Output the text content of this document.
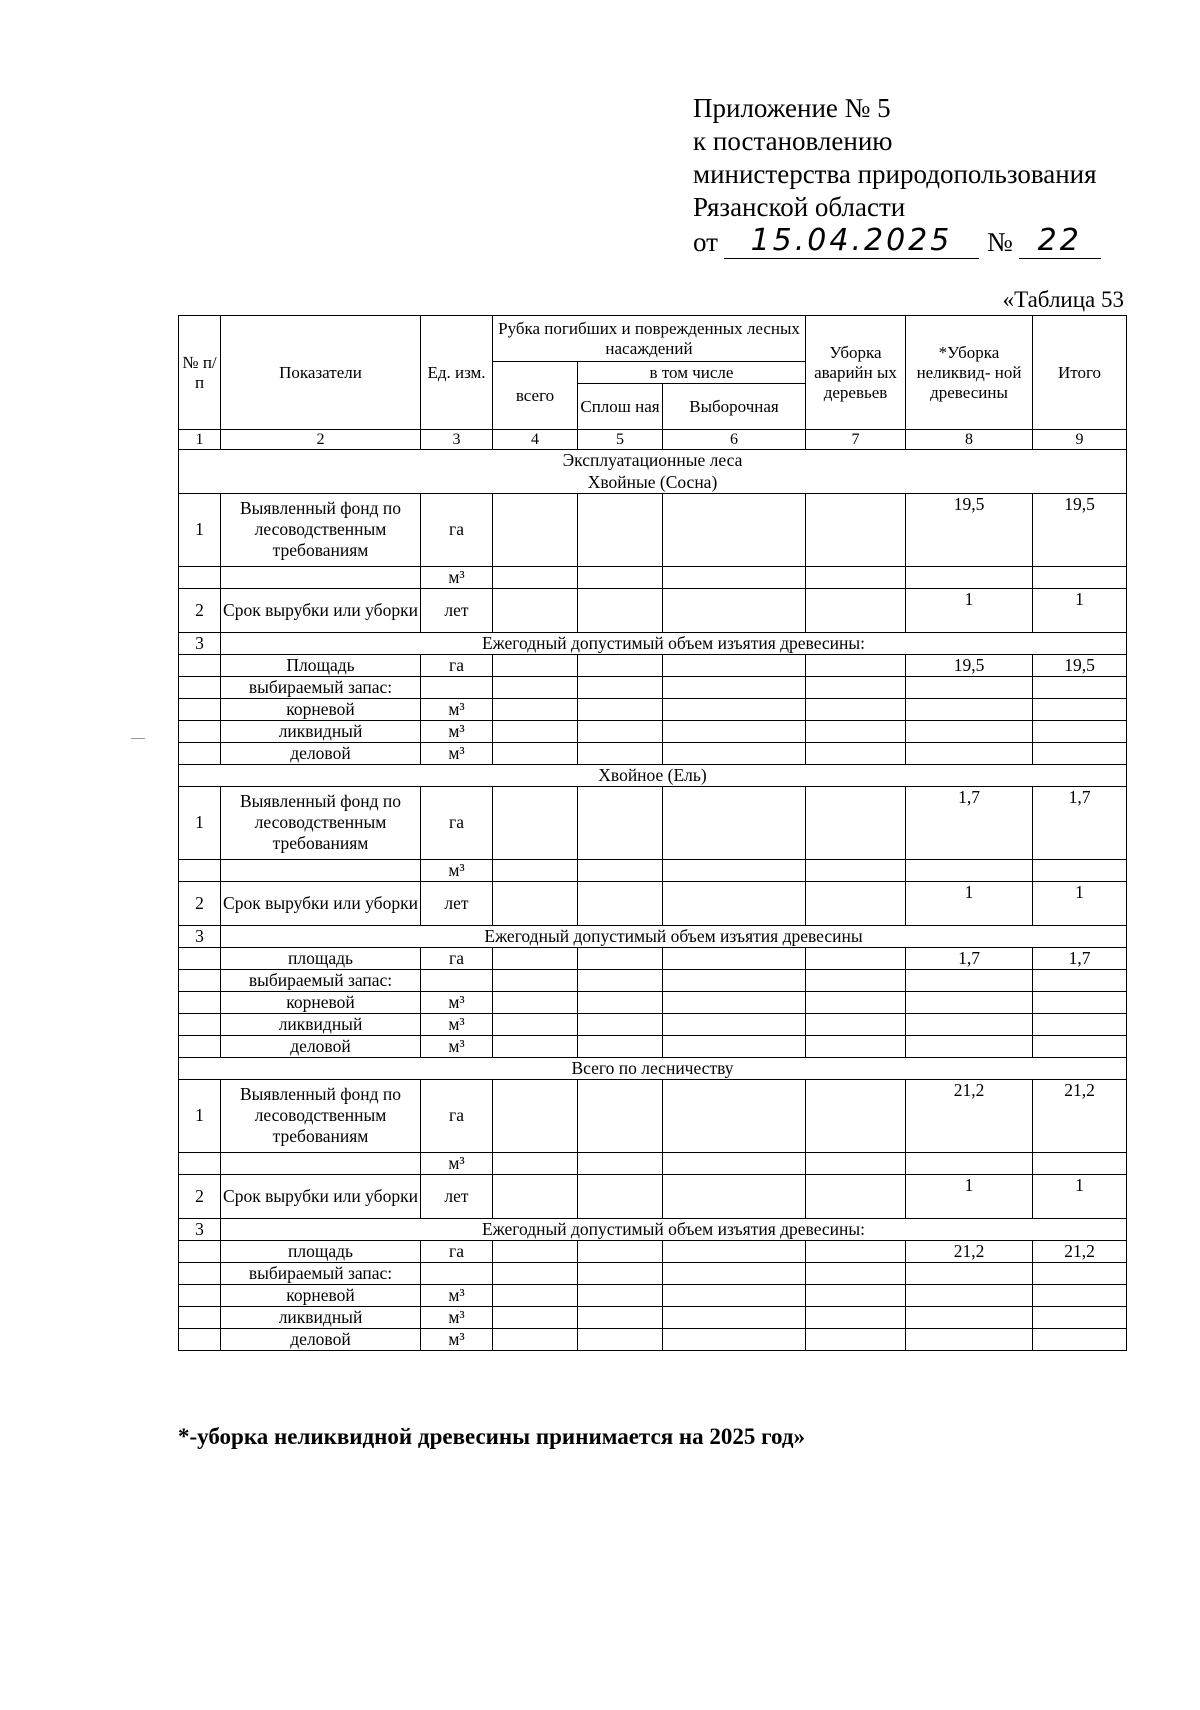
Приложение № 5
к постановлению
министерства природопользования
Рязанской области
от	15.04.2025	№ 22
«Таблица 53
№ п/ п	Показатели	Ед. изм.	Рубка погибших и поврежденных лесных насаждений			Уборка аварийн ых деревьев	*Уборка неликвид- ной древесины	Итого
			всего	в том числе				
				Сплош ная	Выборочная			
1	2	3	4	5	6	7	8	9
Эксплуатационные леса								
Хвойные (Сосна)								
1	Выявленный фонд по лесоводственным требованиям	га					19,5	19,5
		м³						
2	Срок вырубки или уборки	лет					1	1
3	Ежегодный допустимый объем изъятия древесины:							
	Площадь	га					19,5	19,5
	выбираемый запас:							
	корневой	м³						
	ликвидный	м³						
	деловой	м³						
Хвойное (Ель)								
1	Выявленный фонд по лесоводственным требованиям	га					1,7	1,7
		м³						
2	Срок вырубки или уборки	лет					1	1
3	Ежегодный допустимый объем изъятия древесины							
	площадь	га					1,7	1,7
	выбираемый запас:							
	корневой	м³						
	ликвидный	м³						
	деловой	м³						
Всего по лесничеству								
1	Выявленный фонд по лесоводственным требованиям	га					21,2	21,2
		м³						
2	Срок вырубки или уборки	лет					1	1
3	Ежегодный допустимый объем изъятия древесины:							
	площадь	га					21,2	21,2
	выбираемый запас:							
	корневой	м³						
	ликвидный	м³						
	деловой	м³						
*-уборка неликвидной древесины принимается на 2025 год»
